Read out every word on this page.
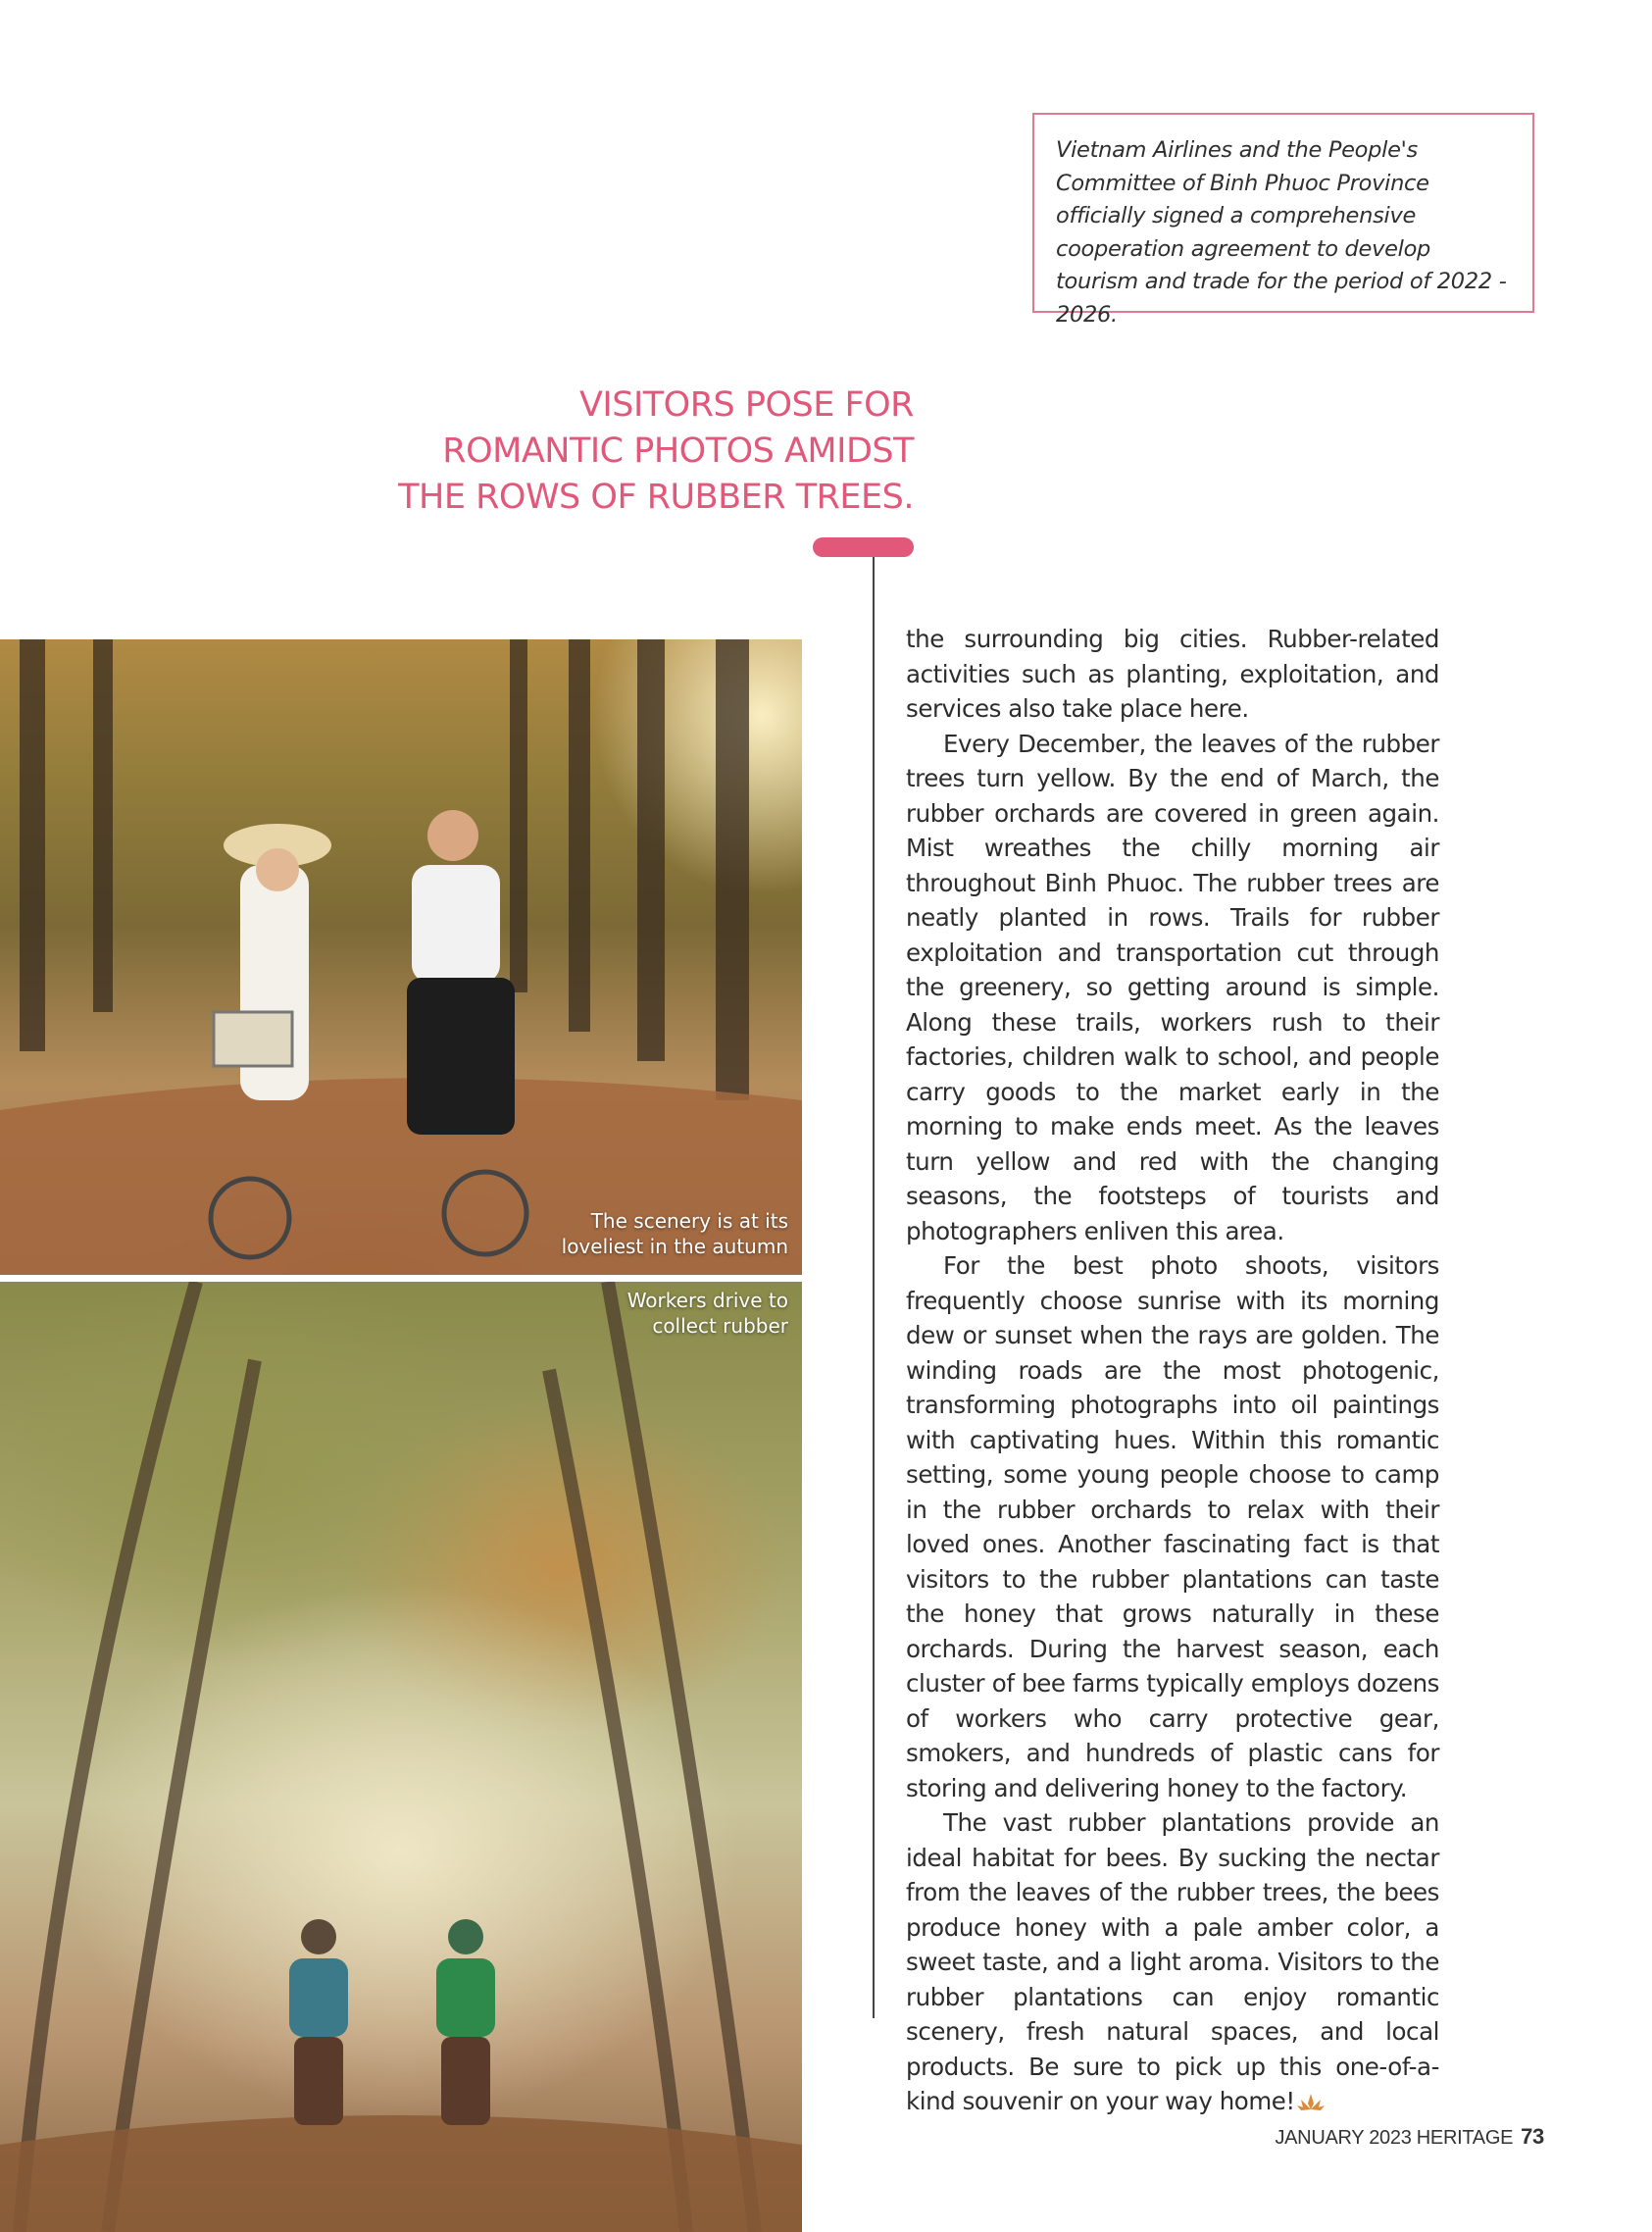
Vietnam Airlines and the People's Committee of Binh Phuoc Province officially signed a comprehensive cooperation agreement to develop tourism and trade for the period of 2022 - 2026.

VISITORS POSE FOR
ROMANTIC PHOTOS AMIDST
THE ROWS OF RUBBER TREES.
The scenery is at its
loveliest in the autumn
Workers drive to
collect rubber

the surrounding big cities. Rubber-related activities such as planting, exploitation, and services also take place here.

Every December, the leaves of the rubber trees turn yellow. By the end of March, the rubber orchards are covered in green again. Mist wreathes the chilly morning air throughout Binh Phuoc. The rubber trees are neatly planted in rows. Trails for rubber exploitation and transportation cut through the greenery, so getting around is simple. Along these trails, workers rush to their factories, children walk to school, and people carry goods to the market early in the morning to make ends meet. As the leaves turn yellow and red with the changing seasons, the footsteps of tourists and photographers enliven this area.

For the best photo shoots, visitors frequently choose sunrise with its morning dew or sunset when the rays are golden. The winding roads are the most photogenic, transforming photographs into oil paintings with captivating hues. Within this romantic setting, some young people choose to camp in the rubber orchards to relax with their loved ones. Another fascinating fact is that visitors to the rubber plantations can taste the honey that grows naturally in these orchards. During the harvest season, each cluster of bee farms typically employs dozens of workers who carry protective gear, smokers, and hundreds of plastic cans for storing and delivering honey to the factory.

The vast rubber plantations provide an ideal habitat for bees. By sucking the nectar from the leaves of the rubber trees, the bees produce honey with a pale amber color, a sweet taste, and a light aroma. Visitors to the rubber plantations can enjoy romantic scenery, fresh natural spaces, and local products. Be sure to pick up this one-of-a-kind souvenir on your way home!

JANUARY 2023 HERITAGE 73
